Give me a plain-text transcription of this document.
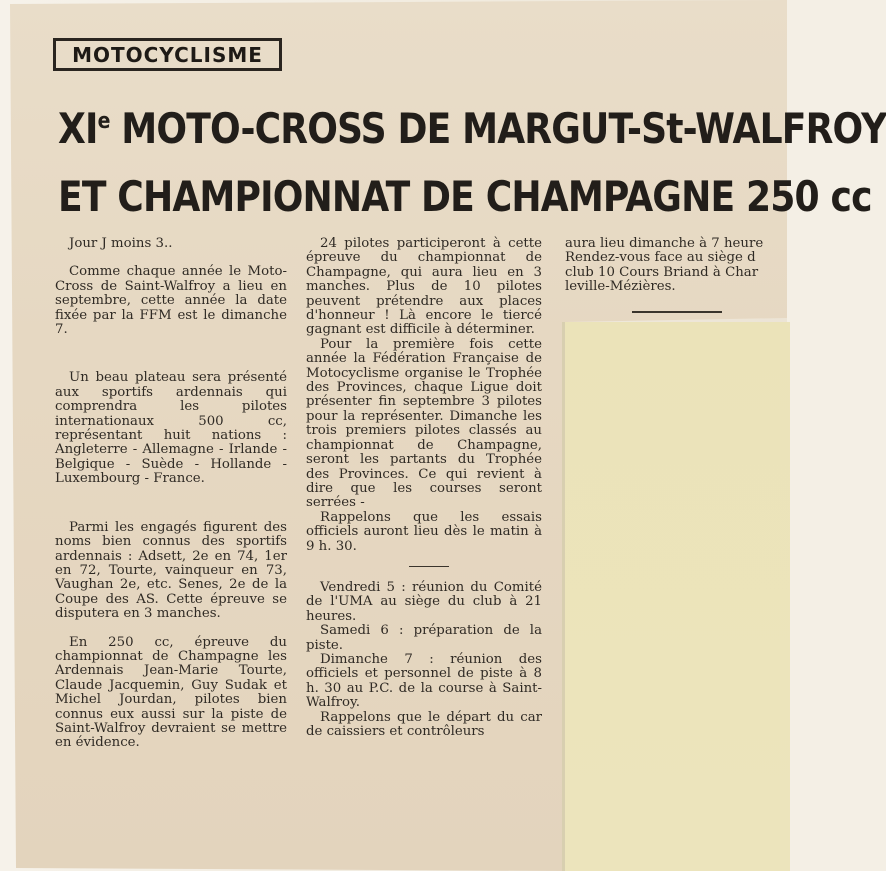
MOTOCYCLISME
XIe MOTO-CROSS DE MARGUT-St-WALFROY
ET CHAMPIONNAT DE CHAMPAGNE 250 cc

Jour J moins 3..

Comme chaque année le Moto-Cross de Saint-Walfroy a lieu en septembre, cette année la date fixée par la FFM est le dimanche 7.

Un beau plateau sera présenté aux sportifs ardennais qui comprendra les pilotes internationaux 500 cc, représentant huit nations : Angleterre - Allemagne - Irlande - Belgique - Suède - Hollande - Luxembourg - France.

Parmi les engagés figurent des noms bien connus des sportifs ardennais : Adsett, 2e en 74, 1er en 72, Tourte, vainqueur en 73, Vaughan 2e, etc. Senes, 2e de la Coupe des AS. Cette épreuve se disputera en 3 manches.

En 250 cc, épreuve du championnat de Champagne les Ardennais Jean-Marie Tourte, Claude Jacquemin, Guy Sudak et Michel Jourdan, pilotes bien connus eux aussi sur la piste de Saint-Walfroy devraient se mettre en évidence.

24 pilotes participeront à cette épreuve du championnat de Champagne, qui aura lieu en 3 manches. Plus de 10 pilotes peuvent prétendre aux places d'honneur ! Là encore le tiercé gagnant est difficile à déterminer.

Pour la première fois cette année la Fédération Française de Motocyclisme organise le Trophée des Provinces, chaque Ligue doit présenter fin septembre 3 pilotes pour la représenter. Dimanche les trois premiers pilotes classés au championnat de Champagne, seront les partants du Trophée des Provinces. Ce qui revient à dire que les courses seront serrées -

Rappelons que les essais officiels auront lieu dès le matin à 9 h. 30.

Vendredi 5 : réunion du Comité de l'UMA au siège du club à 21 heures.

Samedi 6 : préparation de la piste.

Dimanche 7 : réunion des officiels et personnel de piste à 8 h. 30 au P.C. de la course à Saint-Walfroy.

Rappelons que le départ du car de caissiers et contrôleurs

aura lieu dimanche à 7 heure

Rendez-vous face au siège d

club 10 Cours Briand à Char

leville-Mézières.
